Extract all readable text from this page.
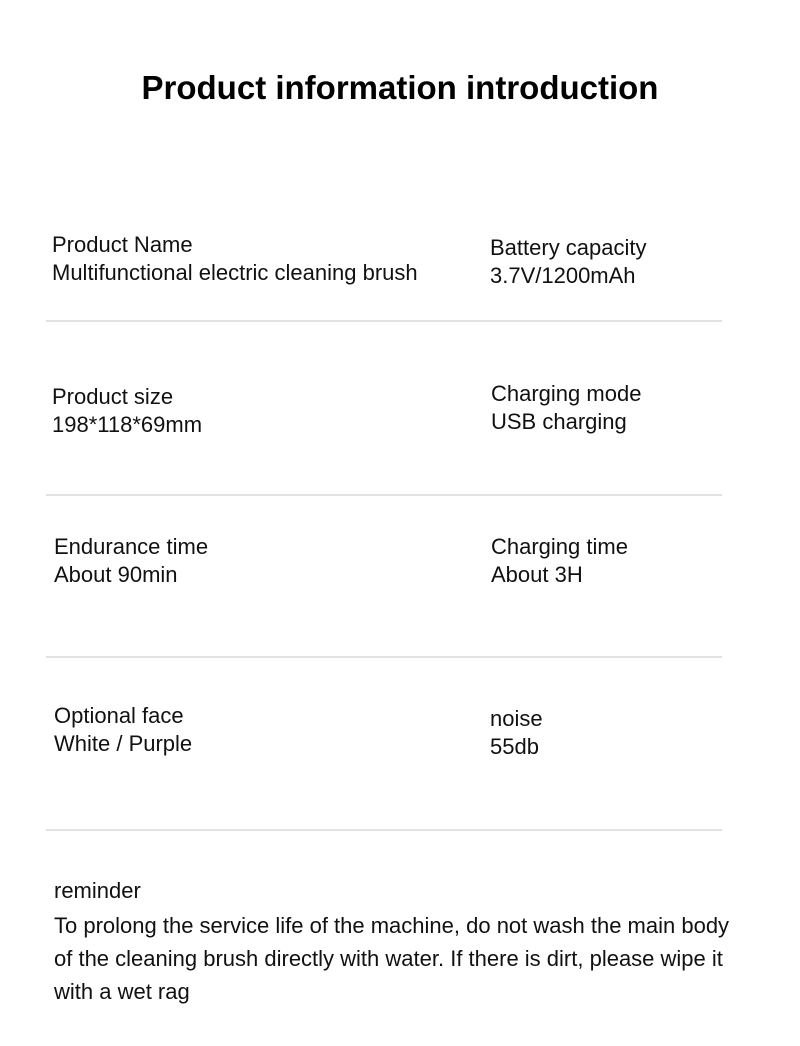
Product information introduction
Product Name
Multifunctional electric cleaning brush
Battery capacity
3.7V/1200mAh
Product size
198*118*69mm
Charging mode
USB charging
Endurance time
About 90min
Charging time
About 3H
Optional face
White / Purple
noise
55db
reminder
To prolong the service life of the machine, do not wash the main body of the cleaning brush directly with water. If there is dirt, please wipe it with a wet rag
